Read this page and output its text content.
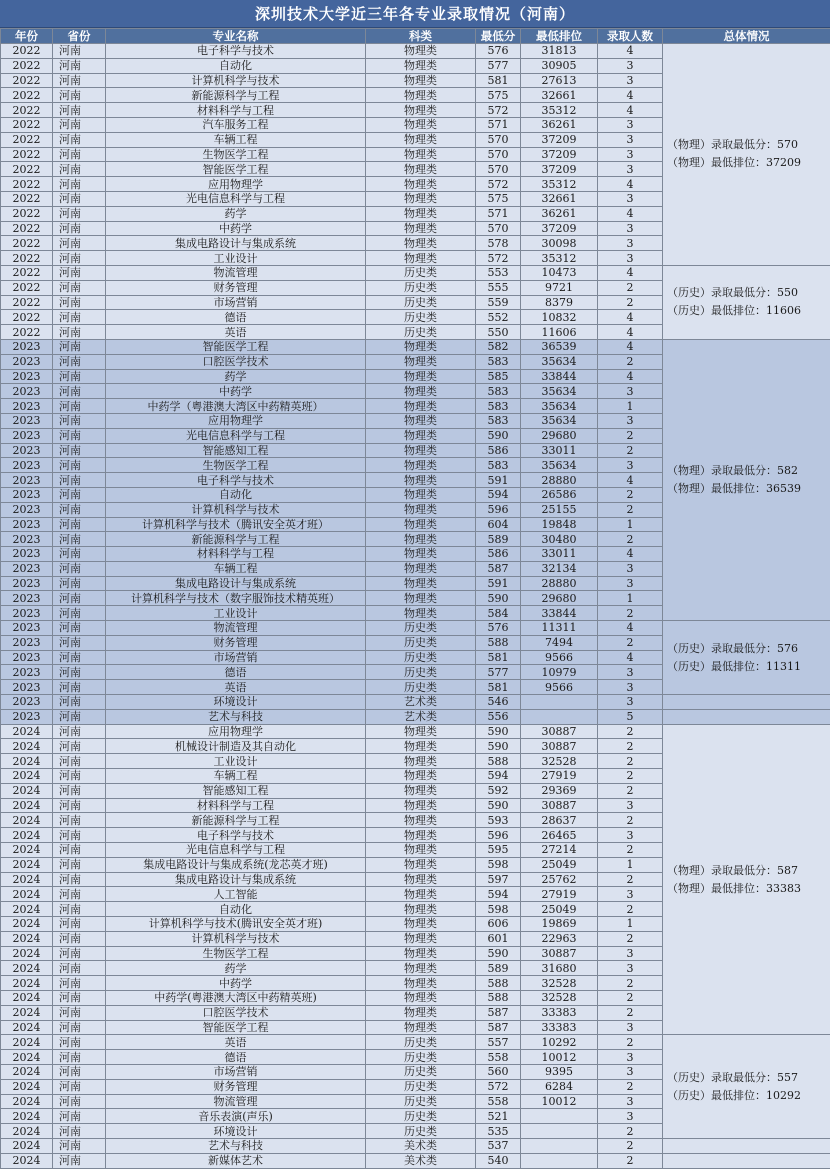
深圳技术大学近三年各专业录取情况（河南）
年份	省份	专业名称	科类	最低分	最低排位	录取人数	总体情况
2022	河南	电子科学与技术	物理类	576	31813	4	（物理）录取最低分：570
（物理）最低排位：37209

2022	河南	自动化	物理类	577	30905	3	
2022	河南	计算机科学与技术	物理类	581	27613	3	
2022	河南	新能源科学与工程	物理类	575	32661	4	
2022	河南	材料科学与工程	物理类	572	35312	4	
2022	河南	汽车服务工程	物理类	571	36261	3	
2022	河南	车辆工程	物理类	570	37209	3	
2022	河南	生物医学工程	物理类	570	37209	3	
2022	河南	智能医学工程	物理类	570	37209	3	
2022	河南	应用物理学	物理类	572	35312	4	
2022	河南	光电信息科学与工程	物理类	575	32661	3	
2022	河南	药学	物理类	571	36261	4	
2022	河南	中药学	物理类	570	37209	3	
2022	河南	集成电路设计与集成系统	物理类	578	30098	3	
2022	河南	工业设计	物理类	572	35312	3	
2022	河南	物流管理	历史类	553	10473	4	（历史）录取最低分：550
（历史）最低排位：11606

2022	河南	财务管理	历史类	555	9721	2	
2022	河南	市场营销	历史类	559	8379	2	
2022	河南	德语	历史类	552	10832	4	
2022	河南	英语	历史类	550	11606	4	
2023	河南	智能医学工程	物理类	582	36539	4	（物理）录取最低分：582
（物理）最低排位：36539

2023	河南	口腔医学技术	物理类	583	35634	2	
2023	河南	药学	物理类	585	33844	4	
2023	河南	中药学	物理类	583	35634	3	
2023	河南	中药学（粤港澳大湾区中药精英班）	物理类	583	35634	1	
2023	河南	应用物理学	物理类	583	35634	3	
2023	河南	光电信息科学与工程	物理类	590	29680	2	
2023	河南	智能感知工程	物理类	586	33011	2	
2023	河南	生物医学工程	物理类	583	35634	3	
2023	河南	电子科学与技术	物理类	591	28880	4	
2023	河南	自动化	物理类	594	26586	2	
2023	河南	计算机科学与技术	物理类	596	25155	2	
2023	河南	计算机科学与技术（腾讯安全英才班）	物理类	604	19848	1	
2023	河南	新能源科学与工程	物理类	589	30480	2	
2023	河南	材料科学与工程	物理类	586	33011	4	
2023	河南	车辆工程	物理类	587	32134	3	
2023	河南	集成电路设计与集成系统	物理类	591	28880	3	
2023	河南	计算机科学与技术（数字服饰技术精英班）	物理类	590	29680	1	
2023	河南	工业设计	物理类	584	33844	2	
2023	河南	物流管理	历史类	576	11311	4	（历史）录取最低分：576
（历史）最低排位：11311

2023	河南	财务管理	历史类	588	7494	2	
2023	河南	市场营销	历史类	581	9566	4	
2023	河南	德语	历史类	577	10979	3	
2023	河南	英语	历史类	581	9566	3	
2023	河南	环境设计	艺术类	546		3	
2023	河南	艺术与科技	艺术类	556		5	
2024	河南	应用物理学	物理类	590	30887	2	（物理）录取最低分：587
（物理）最低排位：33383

2024	河南	机械设计制造及其自动化	物理类	590	30887	2	
2024	河南	工业设计	物理类	588	32528	2	
2024	河南	车辆工程	物理类	594	27919	2	
2024	河南	智能感知工程	物理类	592	29369	2	
2024	河南	材料科学与工程	物理类	590	30887	3	
2024	河南	新能源科学与工程	物理类	593	28637	2	
2024	河南	电子科学与技术	物理类	596	26465	3	
2024	河南	光电信息科学与工程	物理类	595	27214	2	
2024	河南	集成电路设计与集成系统(龙芯英才班)	物理类	598	25049	1	
2024	河南	集成电路设计与集成系统	物理类	597	25762	2	
2024	河南	人工智能	物理类	594	27919	3	
2024	河南	自动化	物理类	598	25049	2	
2024	河南	计算机科学与技术(腾讯安全英才班)	物理类	606	19869	1	
2024	河南	计算机科学与技术	物理类	601	22963	2	
2024	河南	生物医学工程	物理类	590	30887	3	
2024	河南	药学	物理类	589	31680	3	
2024	河南	中药学	物理类	588	32528	2	
2024	河南	中药学(粤港澳大湾区中药精英班)	物理类	588	32528	2	
2024	河南	口腔医学技术	物理类	587	33383	2	
2024	河南	智能医学工程	物理类	587	33383	3	
2024	河南	英语	历史类	557	10292	2	（历史）录取最低分：557
（历史）最低排位：10292

2024	河南	德语	历史类	558	10012	3	
2024	河南	市场营销	历史类	560	9395	3	
2024	河南	财务管理	历史类	572	6284	2	
2024	河南	物流管理	历史类	558	10012	3	
2024	河南	音乐表演(声乐)	历史类	521		3	
2024	河南	环境设计	历史类	535		2	
2024	河南	艺术与科技	美术类	537		2	
2024	河南	新媒体艺术	美术类	540		2	
